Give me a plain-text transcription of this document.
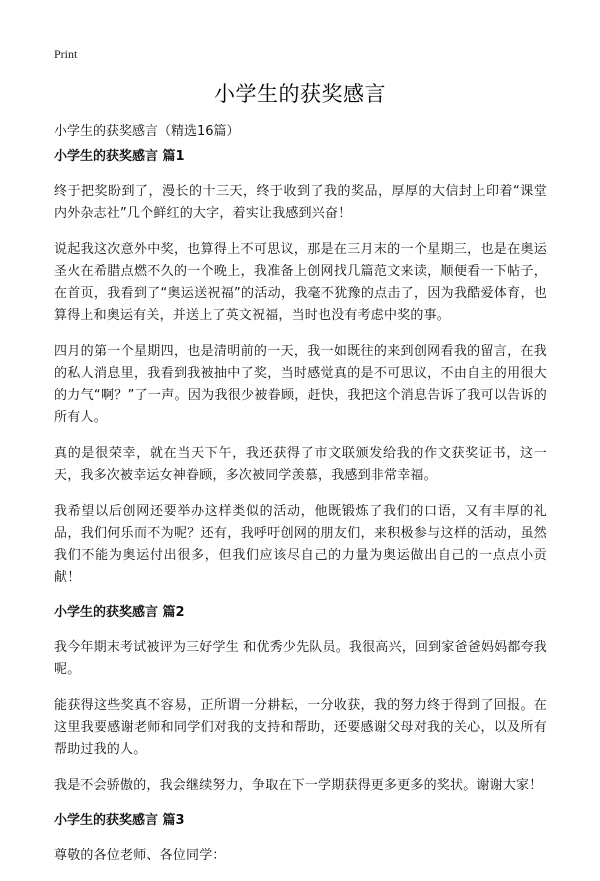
Print
小学生的获奖感言
小学生的获奖感言（精选16篇）
小学生的获奖感言 篇1

终于把奖盼到了，漫长的十三天，终于收到了我的奖品，厚厚的大信封上印着“课堂内外杂志社”几个鲜红的大字，着实让我感到兴奋！

说起我这次意外中奖，也算得上不可思议，那是在三月末的一个星期三，也是在奥运圣火在希腊点燃不久的一个晚上，我准备上创网找几篇范文来读，顺便看一下帖子，在首页，我看到了“奥运送祝福”的活动，我毫不犹豫的点击了，因为我酷爱体育，也算得上和奥运有关，并送上了英文祝福，当时也没有考虑中奖的事。

四月的第一个星期四，也是清明前的一天，我一如既往的来到创网看我的留言，在我的私人消息里，我看到我被抽中了奖，当时感觉真的是不可思议，不由自主的用很大的力气“啊？”了一声。因为我很少被眷顾，赶快，我把这个消息告诉了我可以告诉的所有人。

真的是很荣幸，就在当天下午，我还获得了市文联颁发给我的作文获奖证书，这一天，我多次被幸运女神眷顾，多次被同学羡慕，我感到非常幸福。

我希望以后创网还要举办这样类似的活动，他既锻炼了我们的口语，又有丰厚的礼品，我们何乐而不为呢？还有，我呼吁创网的朋友们，来积极参与这样的活动，虽然我们不能为奥运付出很多，但我们应该尽自己的力量为奥运做出自己的一点点小贡献！

小学生的获奖感言 篇2

我今年期末考试被评为三好学生 和优秀少先队员。我很高兴，回到家爸爸妈妈都夸我呢。

能获得这些奖真不容易，正所谓一分耕耘，一分收获，我的努力终于得到了回报。在这里我要感谢老师和同学们对我的支持和帮助，还要感谢父母对我的关心，以及所有帮助过我的人。

我是不会骄傲的，我会继续努力，争取在下一学期获得更多更多的奖状。谢谢大家！

小学生的获奖感言 篇3

尊敬的各位老师、各位同学：
